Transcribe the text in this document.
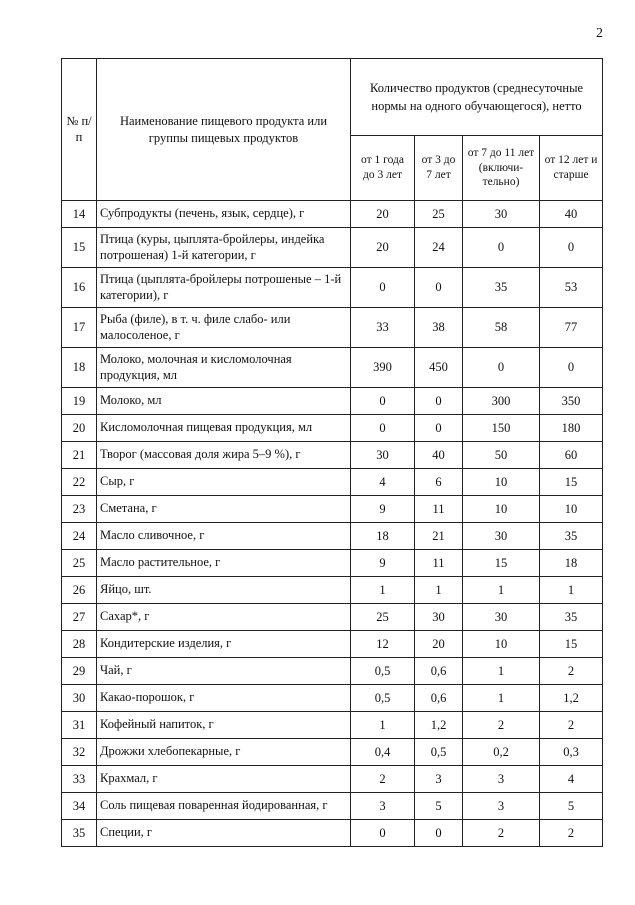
2
№ п/п	Наименование пищевого продукта или группы пищевых продуктов	Количество продуктов (среднесуточные нормы на одного обучающегося), нетто			
		от 1 года до 3 лет	от 3 до 7 лет	от 7 до 11 лет (включи-тельно)	от 12 лет и старше
14	Субпродукты (печень, язык, сердце), г	20	25	30	40
15	Птица (куры, цыплята-бройлеры, индейка потрошеная) 1-й категории, г	20	24	0	0
16	Птица (цыплята-бройлеры потрошеные – 1-й категории), г	0	0	35	53
17	Рыба (филе), в т. ч. филе слабо- или малосоленое, г	33	38	58	77
18	Молоко, молочная и кисломолочная продукция, мл	390	450	0	0
19	Молоко, мл	0	0	300	350
20	Кисломолочная пищевая продукция, мл	0	0	150	180
21	Творог (массовая доля жира 5–9 %), г	30	40	50	60
22	Сыр, г	4	6	10	15
23	Сметана, г	9	11	10	10
24	Масло сливочное, г	18	21	30	35
25	Масло растительное, г	9	11	15	18
26	Яйцо, шт.	1	1	1	1
27	Сахар*, г	25	30	30	35
28	Кондитерские изделия, г	12	20	10	15
29	Чай, г	0,5	0,6	1	2
30	Какао-порошок, г	0,5	0,6	1	1,2
31	Кофейный напиток, г	1	1,2	2	2
32	Дрожжи хлебопекарные, г	0,4	0,5	0,2	0,3
33	Крахмал, г	2	3	3	4
34	Соль пищевая поваренная йодированная, г	3	5	3	5
35	Специи, г	0	0	2	2
